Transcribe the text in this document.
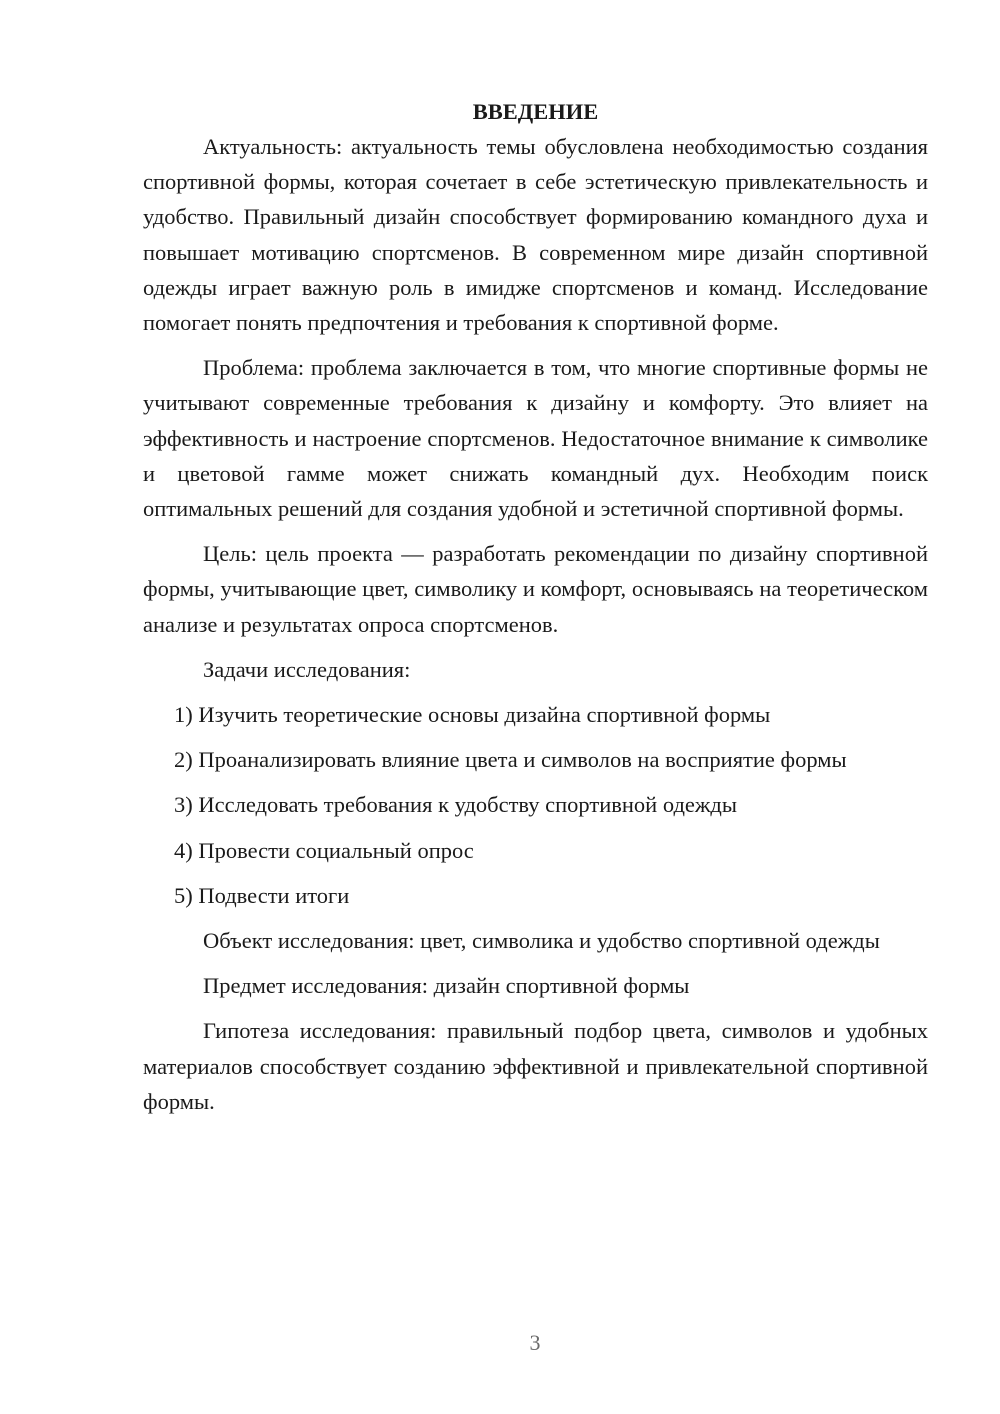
ВВЕДЕНИЕ

Актуальность: актуальность темы обусловлена необходимостью создания спортивной формы, которая сочетает в себе эстетическую привлекательность и удобство. Правильный дизайн способствует формированию командного духа и повышает мотивацию спортсменов. В современном мире дизайн спортивной одежды играет важную роль в имидже спортсменов и команд. Исследование помогает понять предпочтения и требования к спортивной форме.

Проблема: проблема заключается в том, что многие спортивные формы не учитывают современные требования к дизайну и комфорту. Это влияет на эффективность и настроение спортсменов. Недостаточное внимание к символике и цветовой гамме может снижать командный дух. Необходим поиск оптимальных решений для создания удобной и эстетичной спортивной формы.

Цель: цель проекта — разработать рекомендации по дизайну спортивной формы, учитывающие цвет, символику и комфорт, основываясь на теоретическом анализе и результатах опроса спортсменов.

Задачи исследования:

1) Изучить теоретические основы дизайна спортивной формы
2) Проанализировать влияние цвета и символов на восприятие формы
3) Исследовать требования к удобству спортивной одежды
4) Провести социальный опрос
5) Подвести итоги

Объект исследования: цвет, символика и удобство спортивной одежды

Предмет исследования: дизайн спортивной формы

Гипотеза исследования: правильный подбор цвета, символов и удобных материалов способствует созданию эффективной и привлекательной спортивной формы.

3
